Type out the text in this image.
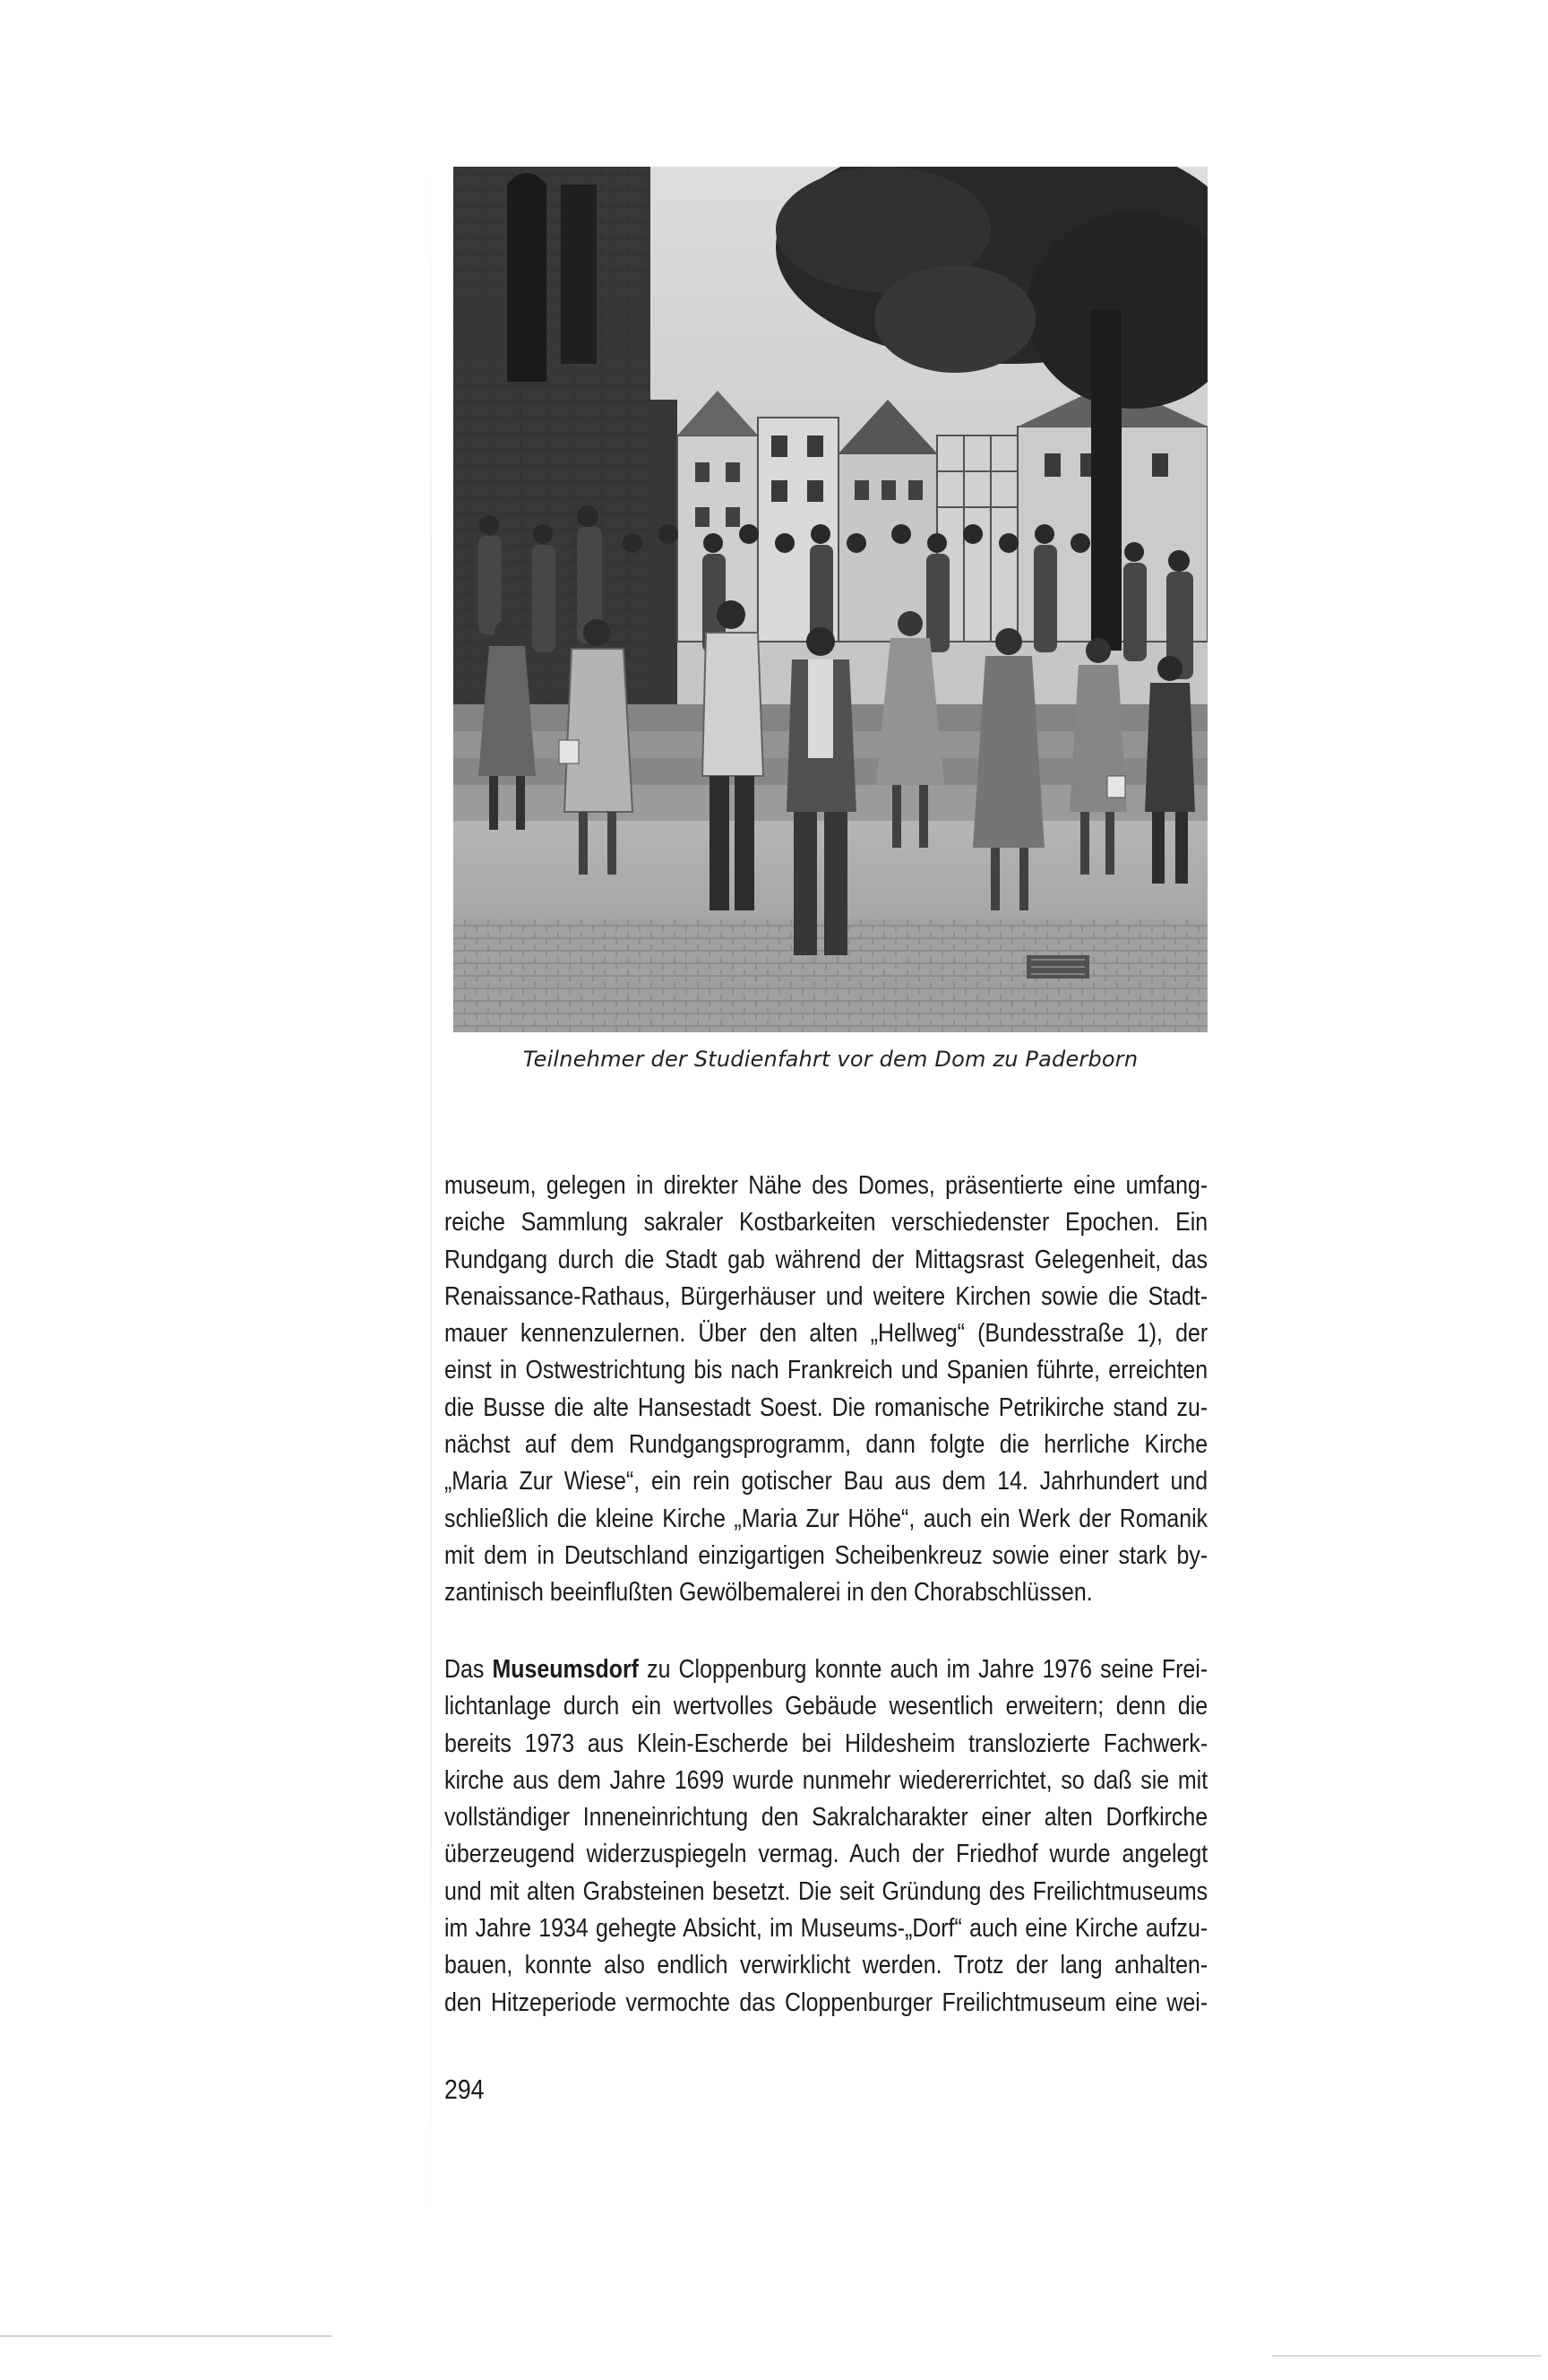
Teilnehmer der Studienfahrt vor dem Dom zu Paderborn
museum, gelegen in direkter Nähe des Domes, präsentierte eine umfang-
reiche Sammlung sakraler Kostbarkeiten verschiedenster Epochen. Ein
Rundgang durch die Stadt gab während der Mittagsrast Gelegenheit, das
Renaissance-Rathaus, Bürgerhäuser und weitere Kirchen sowie die Stadt-
mauer kennenzulernen. Über den alten „Hellweg“ (Bundesstraße 1), der
einst in Ostwestrichtung bis nach Frankreich und Spanien führte, erreichten
die Busse die alte Hansestadt Soest. Die romanische Petrikirche stand zu-
nächst auf dem Rundgangsprogramm, dann folgte die herrliche Kirche
„Maria Zur Wiese“, ein rein gotischer Bau aus dem 14. Jahrhundert und
schließlich die kleine Kirche „Maria Zur Höhe“, auch ein Werk der Romanik
mit dem in Deutschland einzigartigen Scheibenkreuz sowie einer stark by-
zantinisch beeinflußten Gewölbemalerei in den Chorabschlüssen.
Das Museumsdorf zu Cloppenburg konnte auch im Jahre 1976 seine Frei-
lichtanlage durch ein wertvolles Gebäude wesentlich erweitern; denn die
bereits 1973 aus Klein-Escherde bei Hildesheim translozierte Fachwerk-
kirche aus dem Jahre 1699 wurde nunmehr wiedererrichtet, so daß sie mit
vollständiger Inneneinrichtung den Sakralcharakter einer alten Dorfkirche
überzeugend widerzuspiegeln vermag. Auch der Friedhof wurde angelegt
und mit alten Grabsteinen besetzt. Die seit Gründung des Freilichtmuseums
im Jahre 1934 gehegte Absicht, im Museums-„Dorf“ auch eine Kirche aufzu-
bauen, konnte also endlich verwirklicht werden. Trotz der lang anhalten-
den Hitzeperiode vermochte das Cloppenburger Freilichtmuseum eine wei-
294
